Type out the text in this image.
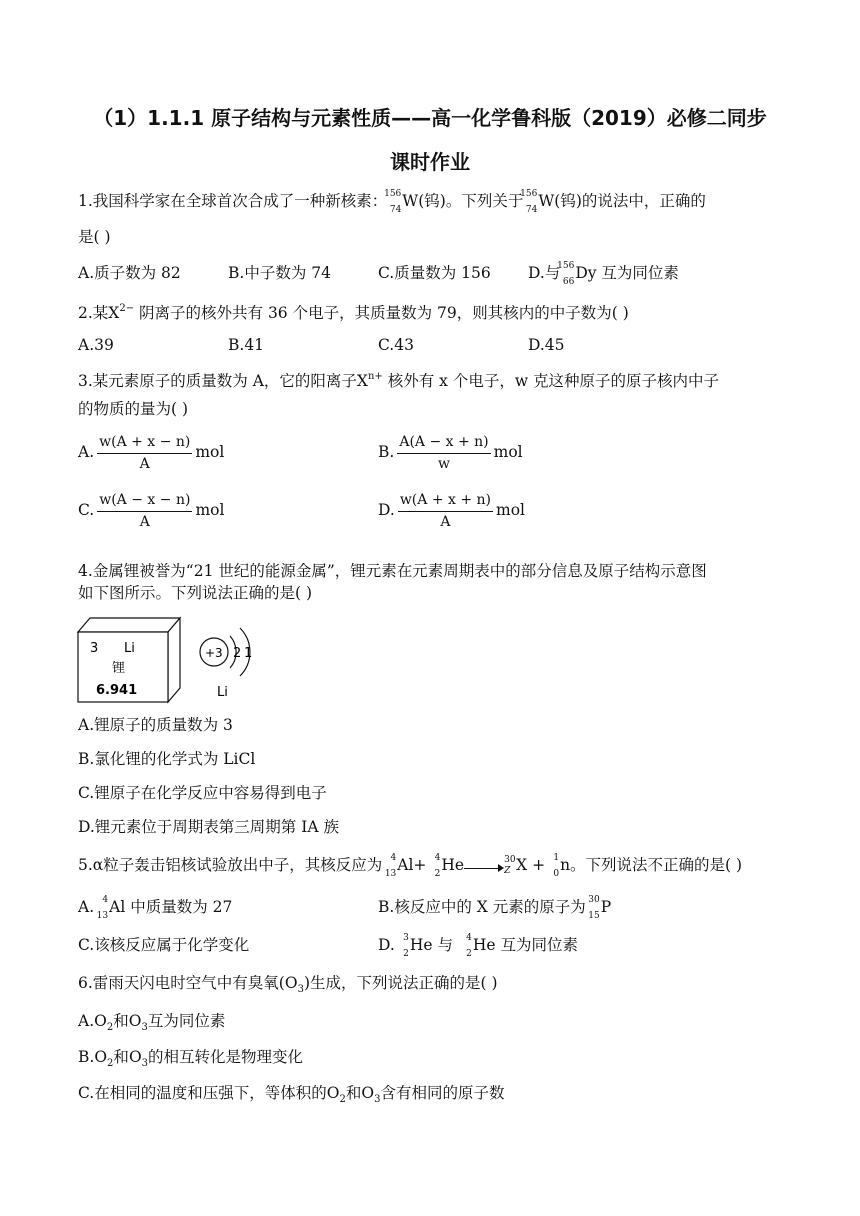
（1）1.1.1 原子结构与元素性质——高一化学鲁科版（2019）必修二同步
课时作业
1.我国科学家在全球首次合成了一种新核素：
156
74 W(钨)。下列关于
156
74 W(钨)的说法中，正确的
是( )
A.质子数为 82	B.中子数为 74	C.质量数为 156 D.与
156
66 Dy 互为同位素
2.某$X^{2-}$ 阴离子的核外共有 36 个电子，其质量数为 79，则其核内的中子数为( )
A.39	B.41	C.43	D.45
3.某元素原子的质量数为 A，它的阳离子$X^{n+}$ 核外有 x 个电子，w 克这种原子的原子核内中子
的物质的量为( )
A. $\frac{w(A + x - n)}{A}$ mol	B. $\frac{A(A - x + n)}{w}$ mol
C. $\frac{w(A - x - n)}{A}$ mol	D. $\frac{w(A + x + n)}{A}$ mol
4.金属锂被誉为“21 世纪的能源金属”，锂元素在元素周期表中的部分信息及原子结构示意图
如下图所示。下列说法正确的是( )
3 Li
锂
6.941
+3 2 1
Li
A.锂原子的质量数为 3
B.氯化锂的化学式为 LiCl
C.锂原子在化学反应中容易得到电子
D.锂元素位于周期表第三周期第 IA 族
5.α粒子轰击铝核试验放出中子，其核反应为 4
13 Al+ 4
2 He	30
Z X + 1
0 n。下列说法不正确的是( )
A. 4
13 Al 中质量数为 27	B.核反应中的 X 元素的原子为 30
15 P
C.该核反应属于化学变化	D. 3
2 He 与 4
2 He 互为同位素
6.雷雨天闪电时空气中有臭氧$(O_3)$生成，下列说法正确的是( )
$A.O_2$和$O_3$互为同位素
$B.O_2$和$O_3$的相互转化是物理变化
C.在相同的温度和压强下，等体积的$O_2$和$O_3$含有相同的原子数
